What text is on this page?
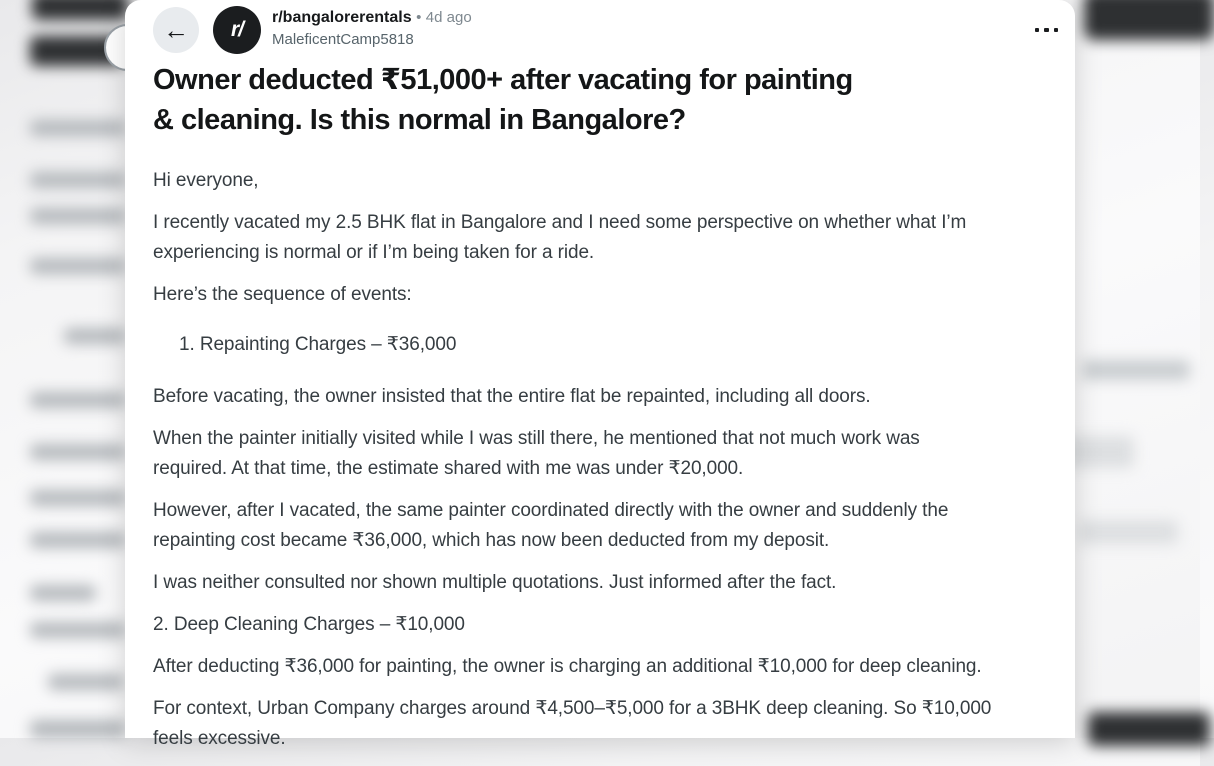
← r/
r/bangalorerentals • 4d ago
MaleficentCamp5818
Owner deducted ₹51,000+ after vacating for painting
& cleaning. Is this normal in Bangalore?
Hi everyone,
I recently vacated my 2.5 BHK flat in Bangalore and I need some perspective on whether what I’m
experiencing is normal or if I’m being taken for a ride.
Here’s the sequence of events:
1. Repainting Charges – ₹36,000
Before vacating, the owner insisted that the entire flat be repainted, including all doors.
When the painter initially visited while I was still there, he mentioned that not much work was
required. At that time, the estimate shared with me was under ₹20,000.
However, after I vacated, the same painter coordinated directly with the owner and suddenly the
repainting cost became ₹36,000, which has now been deducted from my deposit.
I was neither consulted nor shown multiple quotations. Just informed after the fact.
2. Deep Cleaning Charges – ₹10,000
After deducting ₹36,000 for painting, the owner is charging an additional ₹10,000 for deep cleaning.
For context, Urban Company charges around ₹4,500–₹5,000 for a 3BHK deep cleaning. So ₹10,000
feels excessive.
